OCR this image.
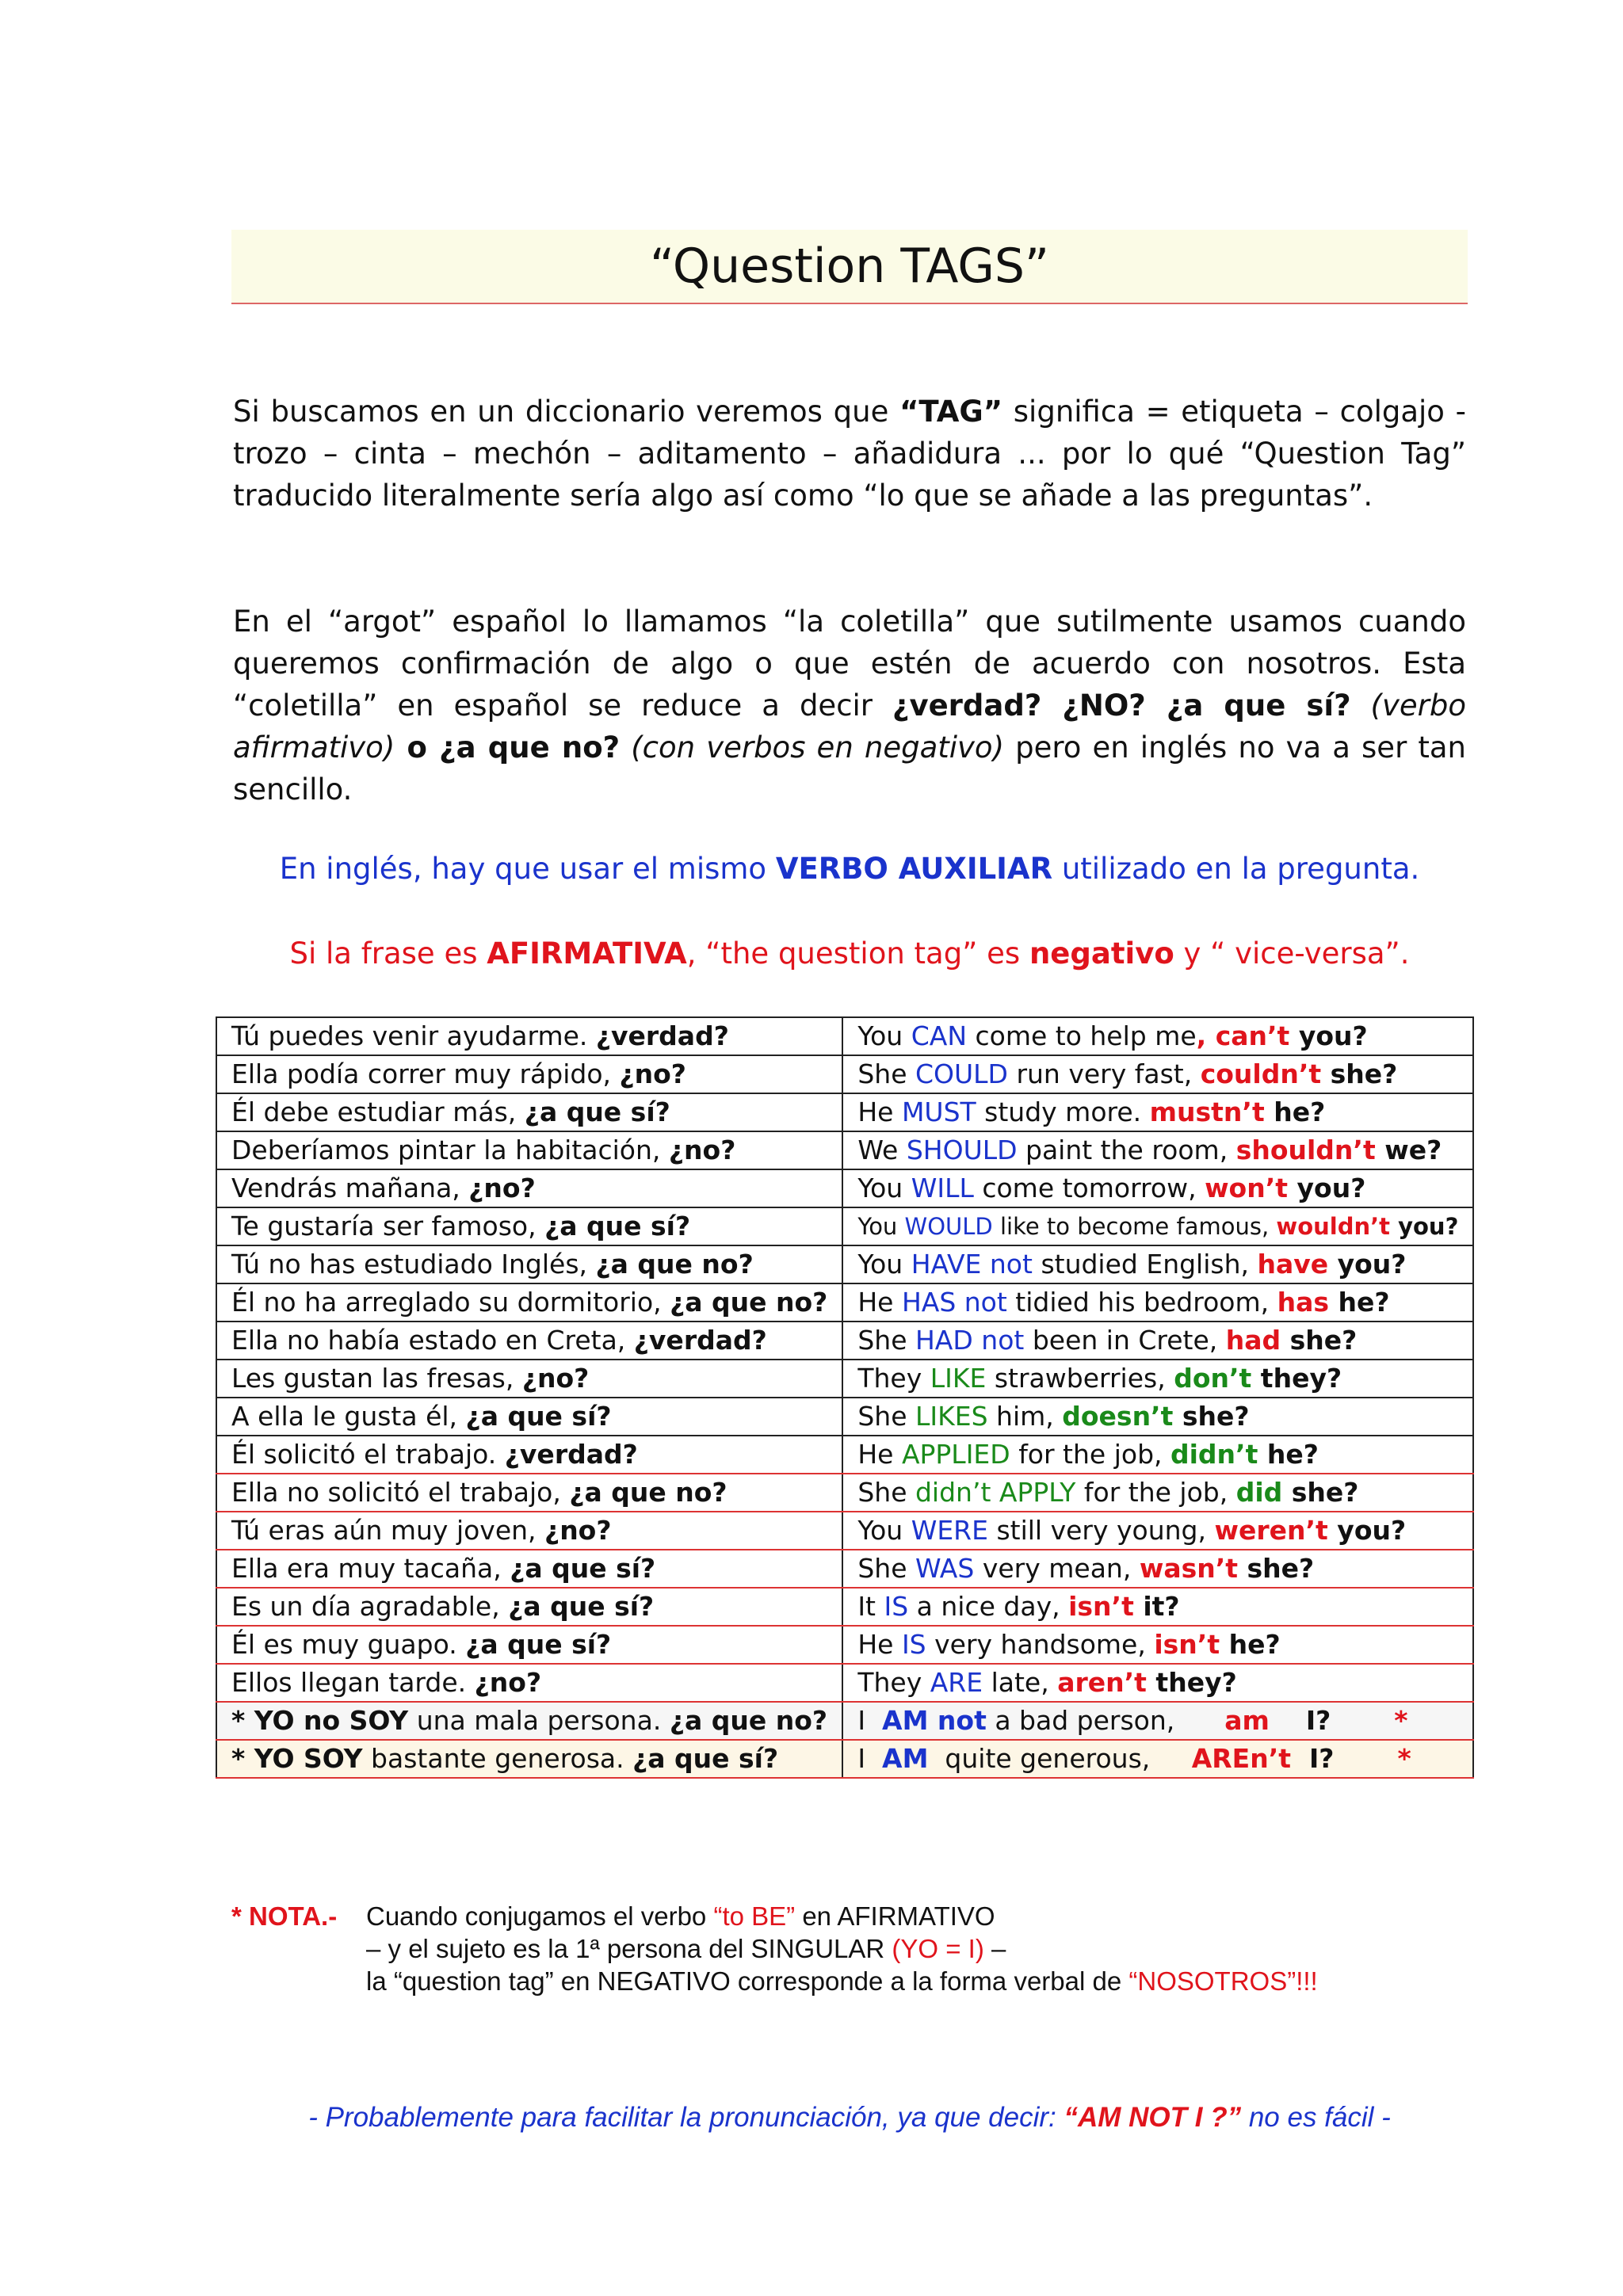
“Question TAGS”

Si buscamos en un diccionario veremos que “TAG” significa = etiqueta – colgajo - trozo – cinta – mechón – aditamento – añadidura ... por lo qué “Question Tag” traducido literalmente sería algo así como “lo que se añade a las preguntas”.

En el “argot” español lo llamamos “la coletilla” que sutilmente usamos cuando queremos confirmación de algo o que estén de acuerdo con nosotros. Esta “coletilla” en español se reduce a decir ¿verdad? ¿NO? ¿a que sí? (verbo afirmativo) o ¿a que no? (con verbos en negativo) pero en inglés no va a ser tan sencillo.

En inglés, hay que usar el mismo VERBO AUXILIAR utilizado en la pregunta.

Si la frase es AFIRMATIVA, “the question tag” es negativo y “ vice-versa”.

Tú puedes venir ayudarme. ¿verdad?	You CAN come to help me, can’t you?
Ella podía correr muy rápido, ¿no?	She COULD run very fast, couldn’t she?
Él debe estudiar más, ¿a que sí?	He MUST study more. mustn’t he?
Deberíamos pintar la habitación, ¿no?	We SHOULD paint the room, shouldn’t we?
Vendrás mañana, ¿no?	You WILL come tomorrow, won’t you?
Te gustaría ser famoso, ¿a que sí?	You WOULD like to become famous, wouldn’t you?
Tú no has estudiado Inglés, ¿a que no?	You HAVE not studied English, have you?
Él no ha arreglado su dormitorio, ¿a que no?	He HAS not tidied his bedroom, has he?
Ella no había estado en Creta, ¿verdad?	She HAD not been in Crete, had she?
Les gustan las fresas, ¿no?	They LIKE strawberries, don’t they?
A ella le gusta él, ¿a que sí?	She LIKES him, doesn’t she?
Él solicitó el trabajo. ¿verdad?	He APPLIED for the job, didn’t he?
Ella no solicitó el trabajo, ¿a que no?	She didn’t APPLY for the job, did she?
Tú eras aún muy joven, ¿no?	You WERE still very young, weren’t you?
Ella era muy tacaña, ¿a que sí?	She WAS very mean, wasn’t she?
Es un día agradable, ¿a que sí?	It IS a nice day, isn’t it?
Él es muy guapo. ¿a que sí?	He IS very handsome, isn’t he?
Ellos llegan tarde. ¿no?	They ARE late, aren’t they?
* YO no SOY una mala persona. ¿a que no?	I  AM not a bad person,      am    I? *
* YO SOY bastante generosa. ¿a que sí?	I  AM  quite generous,     AREn’t  I? *
* NOTA.- Cuando conjugamos el verbo “to BE” en AFIRMATIVO
– y el sujeto es la 1ª persona del SINGULAR (YO = I) –
la “question tag” en NEGATIVO corresponde a la forma verbal de “NOSOTROS”!!!

- Probablemente para facilitar la pronunciación, ya que decir: “AM NOT I ?” no es fácil -
